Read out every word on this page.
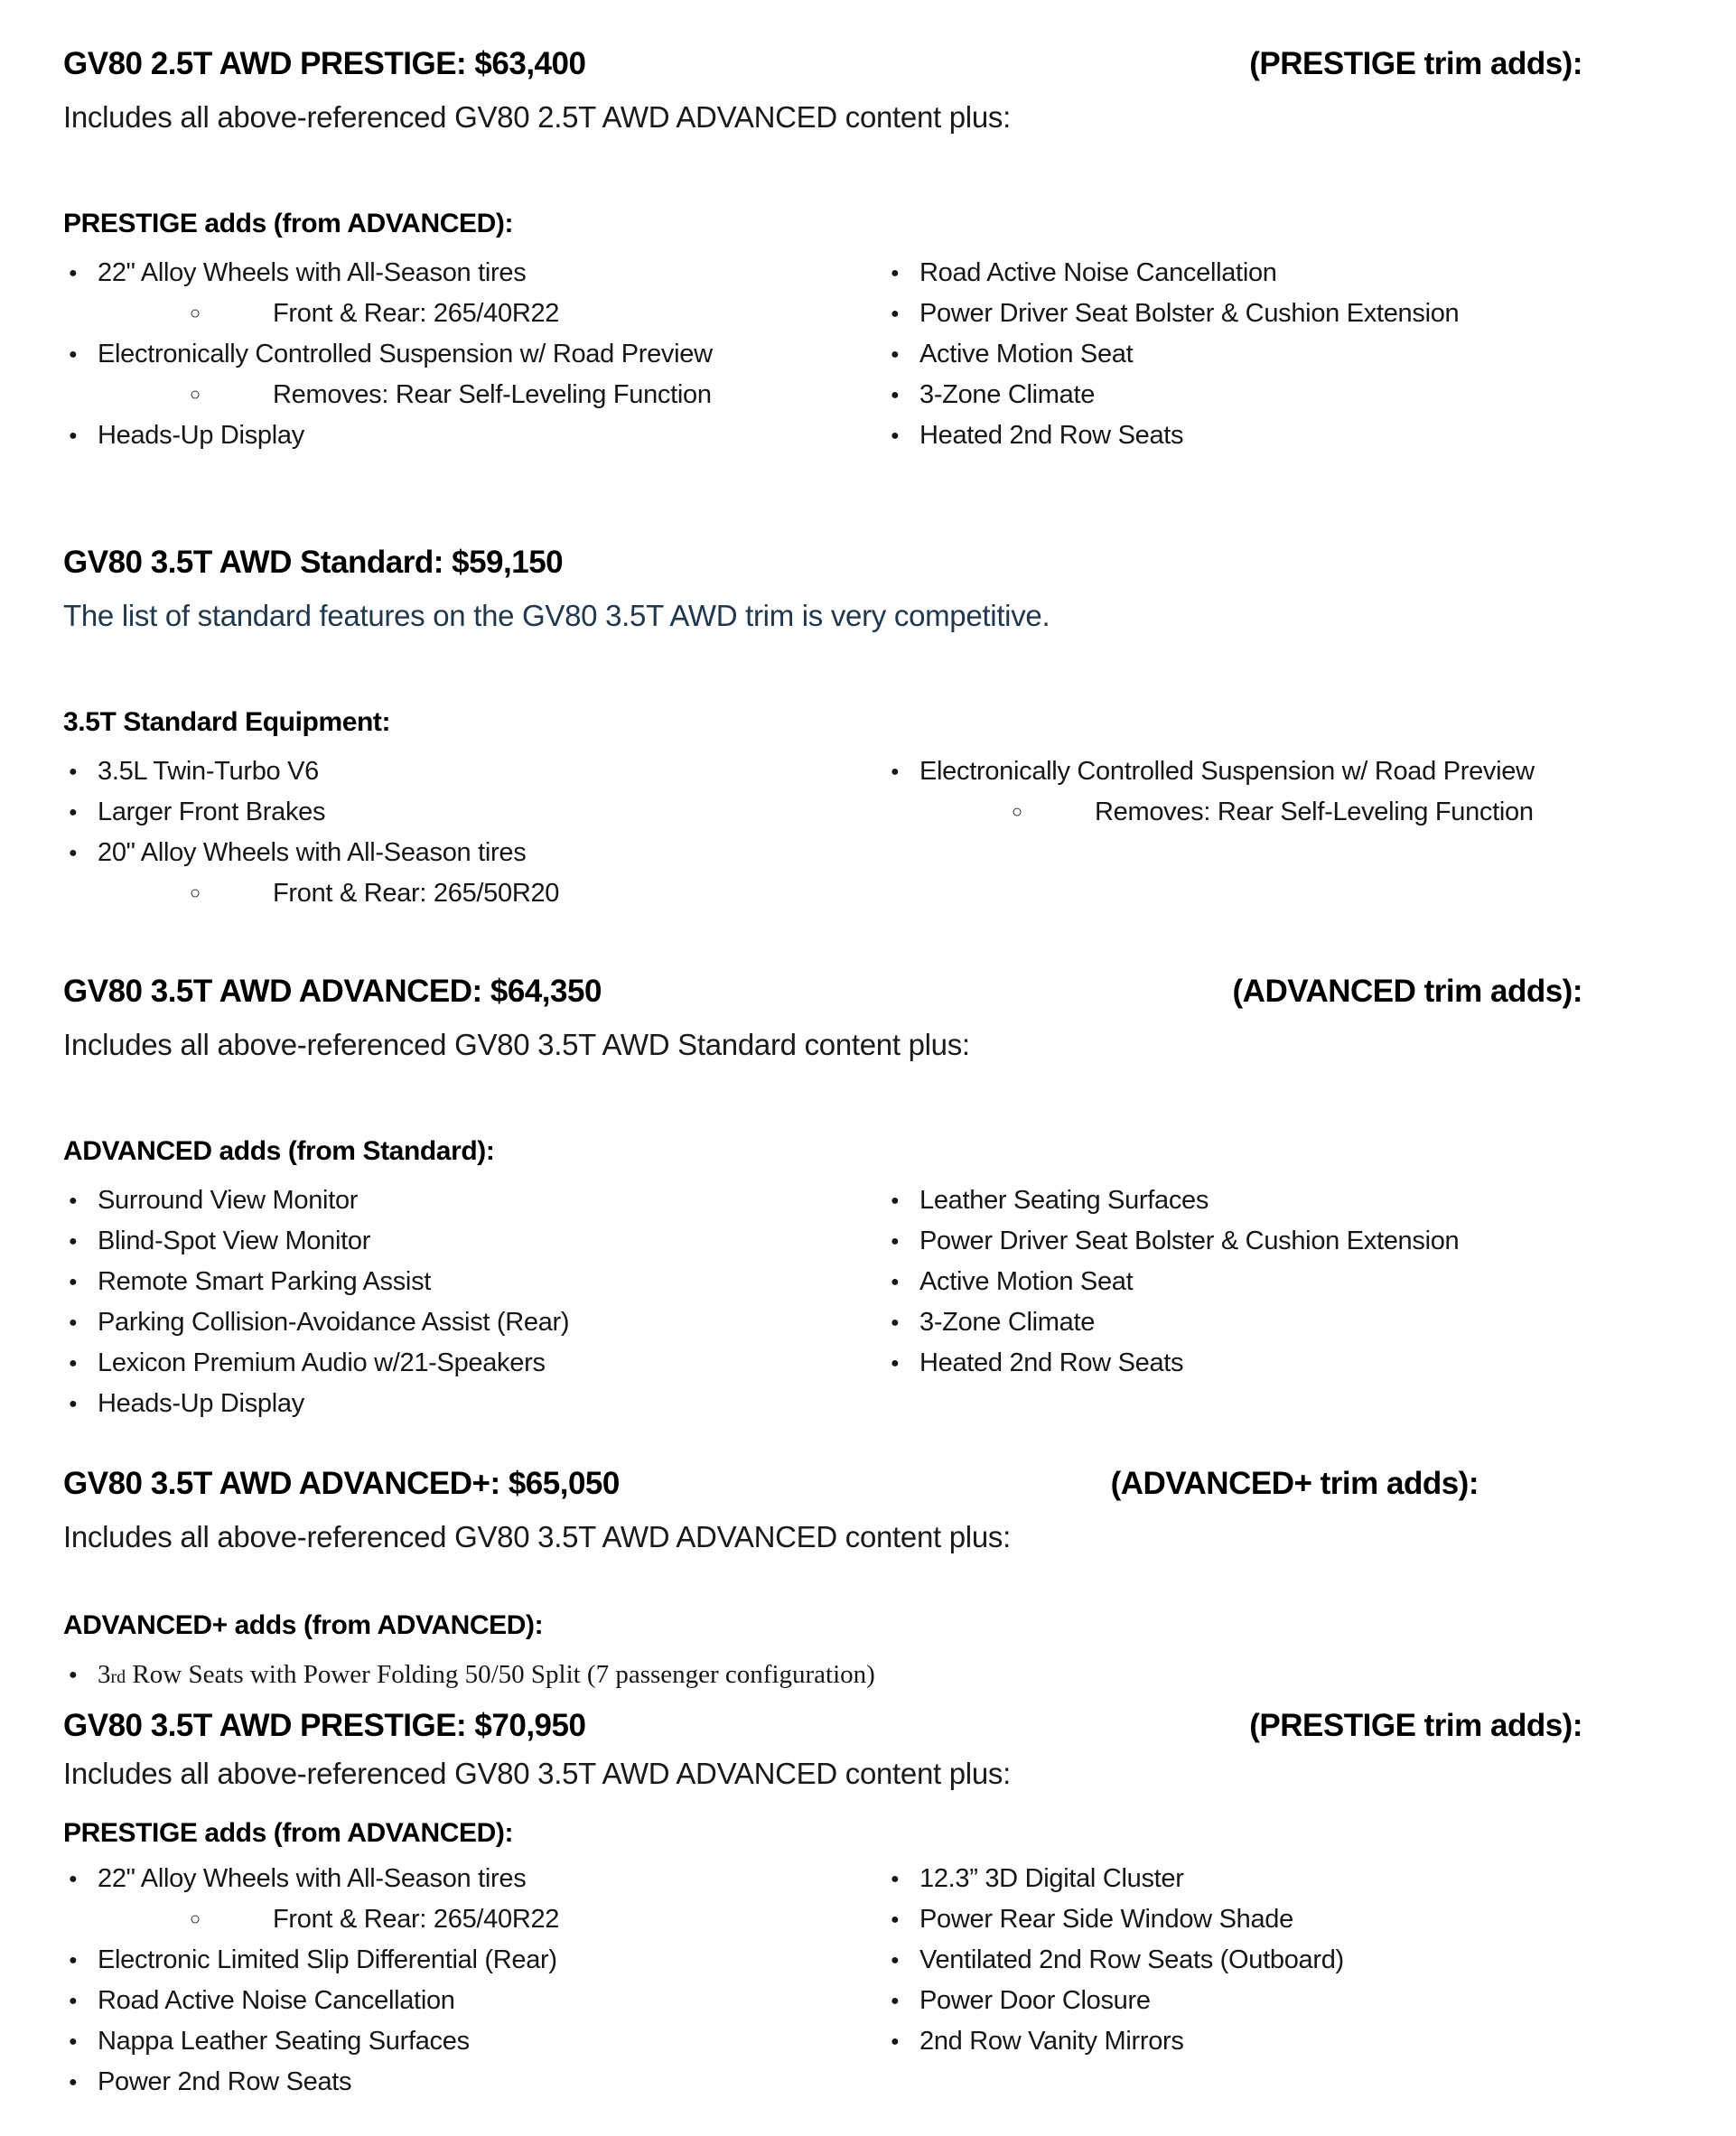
GV80 2.5T AWD PRESTIGE: $63,400	(PRESTIGE trim adds):

Includes all above-referenced GV80 2.5T AWD ADVANCED content plus:

PRESTIGE adds (from ADVANCED):
● 22" Alloy Wheels with All-Season tires
○	Front & Rear: 265/40R22
● Electronically Controlled Suspension w/ Road Preview
○	Removes: Rear Self-Leveling Function
● Heads-Up Display
● Road Active Noise Cancellation
● Power Driver Seat Bolster & Cushion Extension
● Active Motion Seat
● 3-Zone Climate
● Heated 2nd Row Seats
GV80 3.5T AWD Standard: $59,150

The list of standard features on the GV80 3.5T AWD trim is very competitive.

3.5T Standard Equipment:
● 3.5L Twin-Turbo V6
● Larger Front Brakes
● 20" Alloy Wheels with All-Season tires
○	Front & Rear: 265/50R20
● Electronically Controlled Suspension w/ Road Preview
○	Removes: Rear Self-Leveling Function
GV80 3.5T AWD ADVANCED: $64,350	(ADVANCED trim adds):

Includes all above-referenced GV80 3.5T AWD Standard content plus:

ADVANCED adds (from Standard):
● Surround View Monitor
● Blind-Spot View Monitor
● Remote Smart Parking Assist
● Parking Collision-Avoidance Assist (Rear)
● Lexicon Premium Audio w/21-Speakers
● Heads-Up Display
● Leather Seating Surfaces
● Power Driver Seat Bolster & Cushion Extension
● Active Motion Seat
● 3-Zone Climate
● Heated 2nd Row Seats
GV80 3.5T AWD ADVANCED+: $65,050	(ADVANCED+ trim adds):

Includes all above-referenced GV80 3.5T AWD ADVANCED content plus:

ADVANCED+ adds (from ADVANCED):
● 3rd Row Seats with Power Folding 50/50 Split (7 passenger configuration)
GV80 3.5T AWD PRESTIGE: $70,950	(PRESTIGE trim adds):

Includes all above-referenced GV80 3.5T AWD ADVANCED content plus:

PRESTIGE adds (from ADVANCED):
● 22" Alloy Wheels with All-Season tires
○	Front & Rear: 265/40R22
● Electronic Limited Slip Differential (Rear)
● Road Active Noise Cancellation
● Nappa Leather Seating Surfaces
● Power 2nd Row Seats
● 12.3” 3D Digital Cluster
● Power Rear Side Window Shade
● Ventilated 2nd Row Seats (Outboard)
● Power Door Closure
● 2nd Row Vanity Mirrors
